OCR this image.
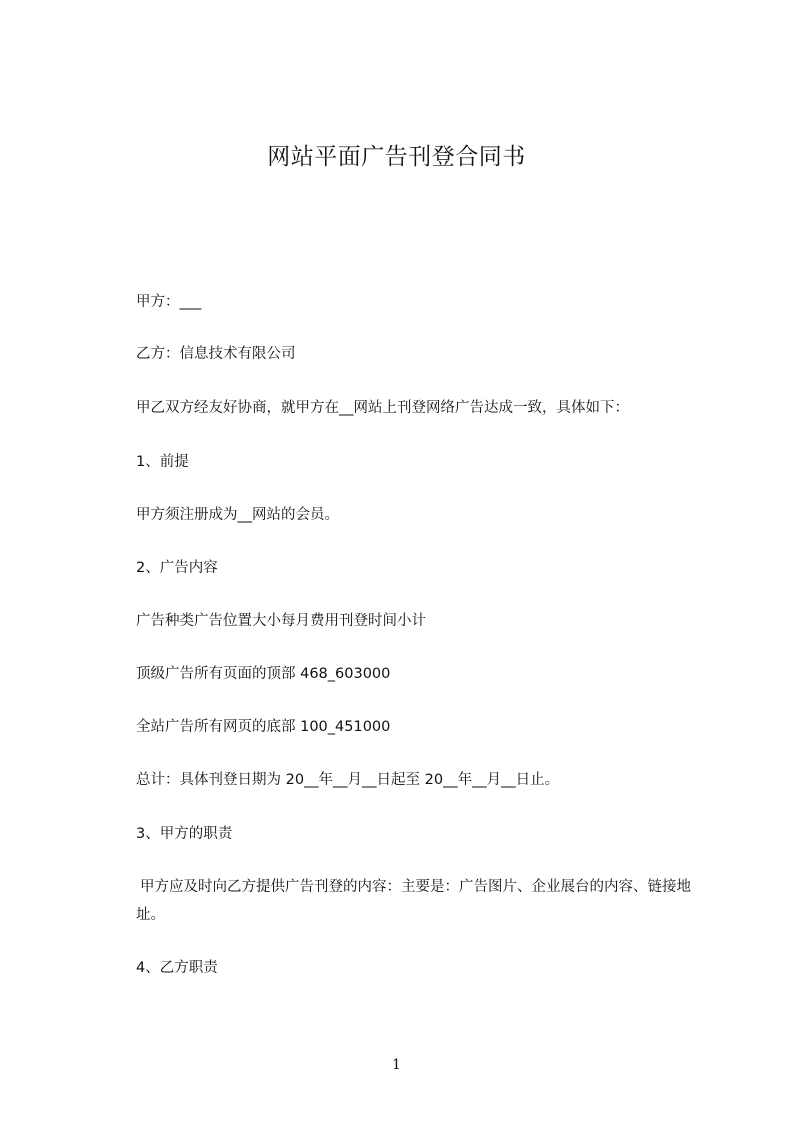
网站平面广告刊登合同书
甲方：___
乙方：信息技术有限公司
甲乙双方经友好协商，就甲方在__网站上刊登网络广告达成一致，具体如下：
1、前提
甲方须注册成为__网站的会员。
2、广告内容
广告种类广告位置大小每月费用刊登时间小计
顶级广告所有页面的顶部 468_603000
全站广告所有网页的底部 100_451000
总计：具体刊登日期为 20__年__月__日起至 20__年__月__日止。
3、甲方的职责
甲方应及时向乙方提供广告刊登的内容：主要是：广告图片、企业展台的内容、链接地址。
4、乙方职责
1
